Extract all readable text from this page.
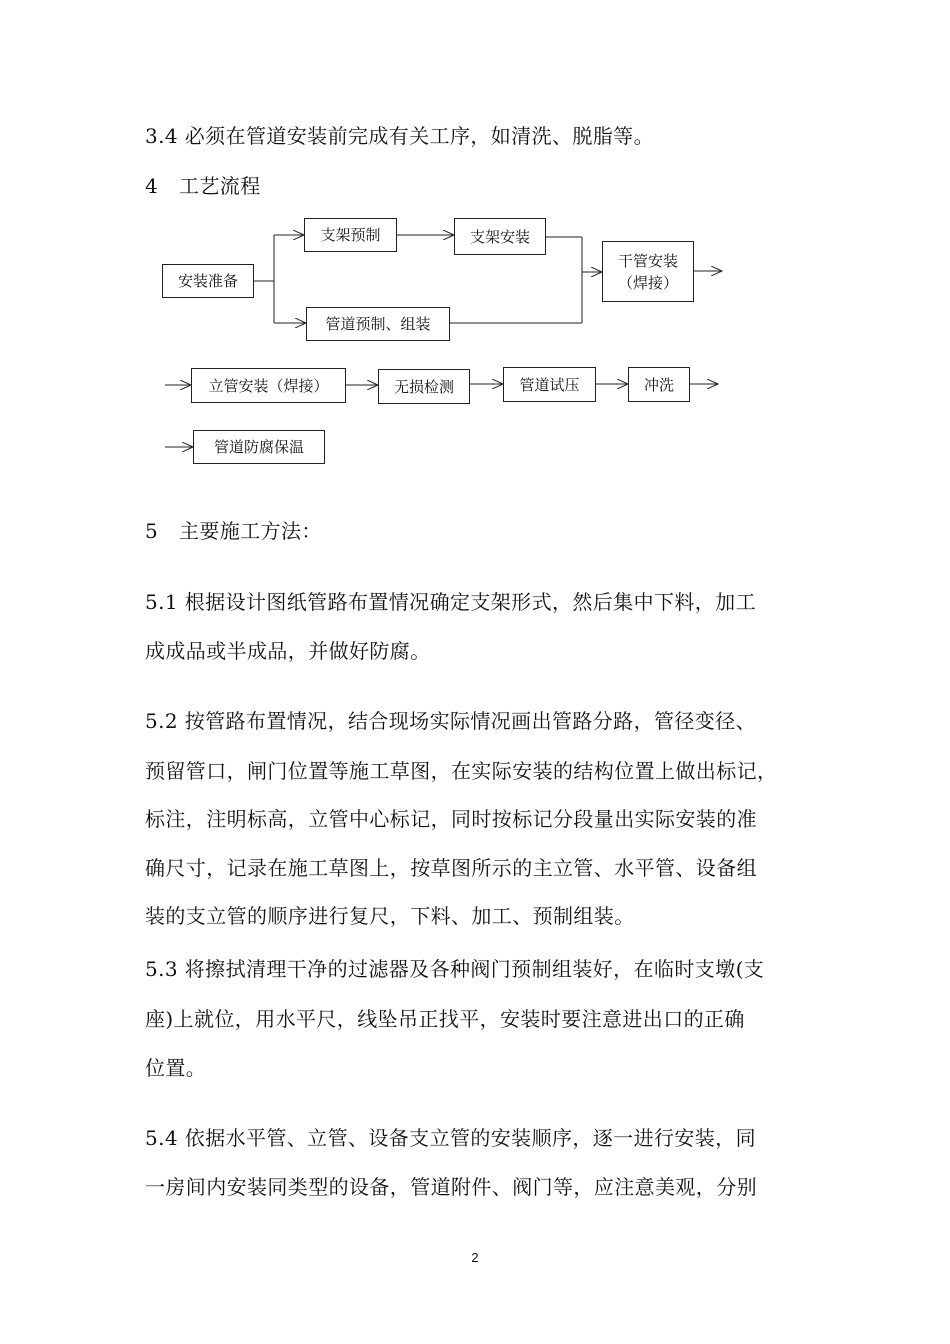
3.4 必须在管道安装前完成有关工序，如清洗、脱脂等。
4 工艺流程
安装准备
支架预制	支架安装
管道预制、组装
干管安装
（焊接）
立管安装（焊接）	无损检测	管道试压	冲洗
管道防腐保温
5 主要施工方法：
5.1 根据设计图纸管路布置情况确定支架形式，然后集中下料，加工
成成品或半成品，并做好防腐。
5.2 按管路布置情况，结合现场实际情况画出管路分路，管径变径、
预留管口，闸门位置等施工草图，在实际安装的结构位置上做出标记，
标注，注明标高，立管中心标记，同时按标记分段量出实际安装的准
确尺寸，记录在施工草图上，按草图所示的主立管、水平管、设备组
装的支立管的顺序进行复尺，下料、加工、预制组装。
5.3 将擦拭清理干净的过滤器及各种阀门预制组装好，在临时支墩(支
座)上就位，用水平尺，线坠吊正找平，安装时要注意进出口的正确
位置。
5.4 依据水平管、立管、设备支立管的安装顺序，逐一进行安装，同
一房间内安装同类型的设备，管道附件、阀门等，应注意美观，分别
2
